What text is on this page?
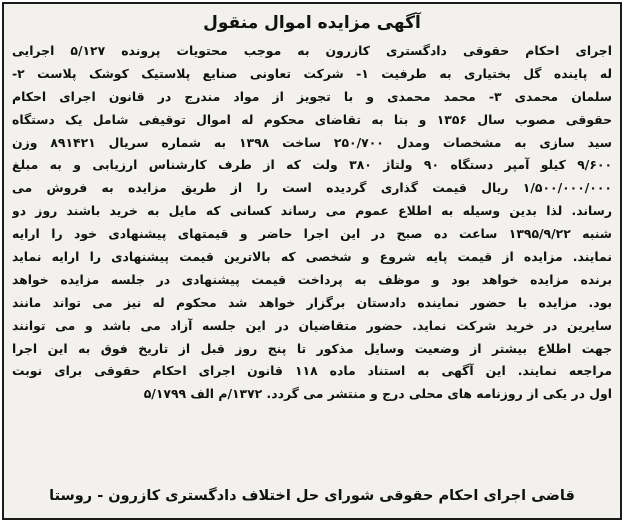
آگهی مزایده اموال منقول
اجرای احکام حقوقی دادگستری کازرون به موجب محتویات پرونده ۵/۱۲۷ اجرایی
له پاینده گل بختیاری به طرفیت ۱- شرکت تعاونی صنایع پلاستیک کوشک پلاست ۲-
سلمان محمدی ۳- محمد محمدی و با تجویز از مواد مندرج در قانون اجرای احکام
حقوقی مصوب سال ۱۳۵۶ و بنا به تقاضای محکوم له اموال توقیفی شامل یک دستگاه
سید سازی به مشخصات ومدل ۲۵۰/۷۰۰ ساخت ۱۳۹۸ به شماره سریال ۸۹۱۴۲۱ وزن
۹/۶۰۰ کیلو آمپر دستگاه ۹۰ ولتاژ ۳۸۰ ولت که از طرف کارشناس ارزیابی و به مبلغ
۱/۵۰۰/۰۰۰/۰۰۰ ریال قیمت گذاری گردیده است را از طریق مزایده به فروش می
رساند. لذا بدین وسیله به اطلاع عموم می رساند کسانی که مایل به خرید باشند روز دو
شنبه ۱۳۹۵/۹/۲۲ ساعت ده صبح در این اجرا حاضر و قیمتهای پیشنهادی خود را ارایه
نمایند. مزایده از قیمت پایه شروع و شخصی که بالاترین قیمت پیشنهادی را ارایه نماید
برنده مزایده خواهد بود و موظف به پرداخت قیمت پیشنهادی در جلسه مزایده خواهد
بود. مزایده با حضور نماینده دادستان برگزار خواهد شد محکوم له نیز می تواند مانند
سایرین در خرید شرکت نماید. حضور متقاضیان در این جلسه آزاد می باشد و می توانند
جهت اطلاع بیشتر از وضعیت وسایل مذکور تا پنج روز قبل از تاریخ فوق به این اجرا
مراجعه نمایند. این آگهی به استناد ماده ۱۱۸ قانون اجرای احکام حقوقی برای نوبت
اول در یکی از روزنامه های محلی درج و منتشر می گردد. ۱۳۷۲/م الف ۵/۱۷۹۹
قاضی اجرای احکام حقوقی شورای حل اختلاف دادگستری کازرون - روستا
